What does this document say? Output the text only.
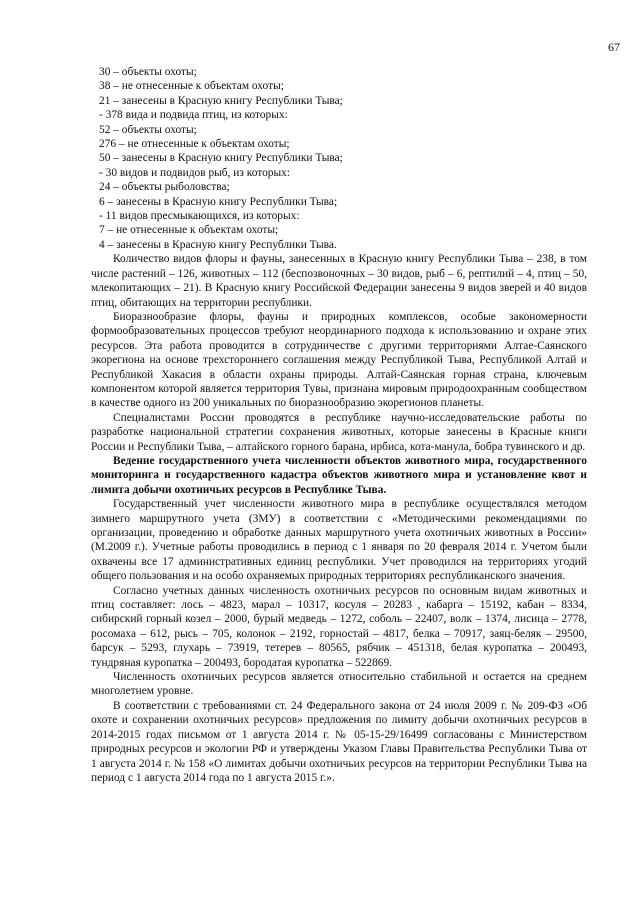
67

30 – объекты охоты;

38 – не отнесенные к объектам охоты;

21 – занесены в Красную книгу Республики Тыва;

- 378 вида и подвида птиц, из которых:

52 – объекты охоты;

276 – не отнесенные к объектам охоты;

50 – занесены в Красную книгу Республики Тыва;

- 30 видов и подвидов рыб, из которых:

24 – объекты рыболовства;

6 – занесены в Красную книгу Республики Тыва;

- 11 видов пресмыкающихся, из которых:

7 – не отнесенные к объектам охоты;

4 – занесены в Красную книгу Республики Тыва.

Количество видов флоры и фауны, занесенных в Красную книгу Республики Тыва – 238, в том числе растений – 126, животных – 112 (беспозвоночных – 30 видов, рыб – 6, рептилий – 4, птиц – 50, млекопитающих – 21). В Красную книгу Российской Федерации занесены 9 видов зверей и 40 видов птиц, обитающих на территории республики.

Биоразнообразие флоры, фауны и природных комплексов, особые закономерности формообразовательных процессов требуют неординарного подхода к использованию и охране этих ресурсов. Эта работа проводится в сотрудничестве с другими территориями Алтае-Саянского экорегиона на основе трехстороннего соглашения между Республикой Тыва, Республикой Алтай и Республикой Хакасия в области охраны природы. Алтай-Саянская горная страна, ключевым компонентом которой является территория Тувы, признана мировым природоохранным сообществом в качестве одного из 200 уникальных по биоразнообразию экорегионов планеты.

Специалистами России проводятся в республике научно-исследовательские работы по разработке национальной стратегии сохранения животных, которые занесены в Красные книги России и Республики Тыва, – алтайского горного барана, ирбиса, кота-манула, бобра тувинского и др.

Ведение государственного учета численности объектов животного мира, государственного мониторинга и государственного кадастра объектов животного мира и установление квот и лимита добычи охотничьих ресурсов в Республике Тыва.

Государственный учет численности животного мира в республике осуществлялся методом зимнего маршрутного учета (ЗМУ) в соответствии с «Методическими рекомендациями по организации, проведению и обработке данных маршрутного учета охотничьих животных в России» (М.2009 г.). Учетные работы проводились в период с 1 января по 20 февраля 2014 г. Учетом были охвачены все 17 административных единиц республики. Учет проводился на территориях угодий общего пользования и на особо охраняемых природных территориях республиканского значения.

Согласно учетных данных численность охотничьих ресурсов по основным видам животных и птиц составляет: лось – 4823, марал – 10317, косуля – 20283 , кабарга – 15192, кабан – 8334, сибирский горный козел – 2000, бурый медведь – 1272, соболь – 22407, волк – 1374, лисица – 2778, росомаха – 612, рысь – 705, колонок – 2192, горностай – 4817, белка – 70917, заяц-беляк – 29500, барсук – 5293, глухарь – 73919, тетерев – 80565, рябчик – 451318, белая куропатка – 200493, тундряная куропатка – 200493, бородатая куропатка – 522869.

Численность охотничьих ресурсов является относительно стабильной и остается на среднем многолетнем уровне.

В соответствии с требованиями ст. 24 Федерального закона от 24 июля 2009 г. № 209-ФЗ «Об охоте и сохранении охотничьих ресурсов» предложения по лимиту добычи охотничьих ресурсов в 2014-2015 годах письмом от 1 августа 2014 г. № 05-15-29/16499 согласованы с Министерством природных ресурсов и экологии РФ и утверждены Указом Главы Правительства Республики Тыва от 1 августа 2014 г. № 158 «О лимитах добычи охотничьих ресурсов на территории Республики Тыва на период с 1 августа 2014 года по 1 августа 2015 г.».
